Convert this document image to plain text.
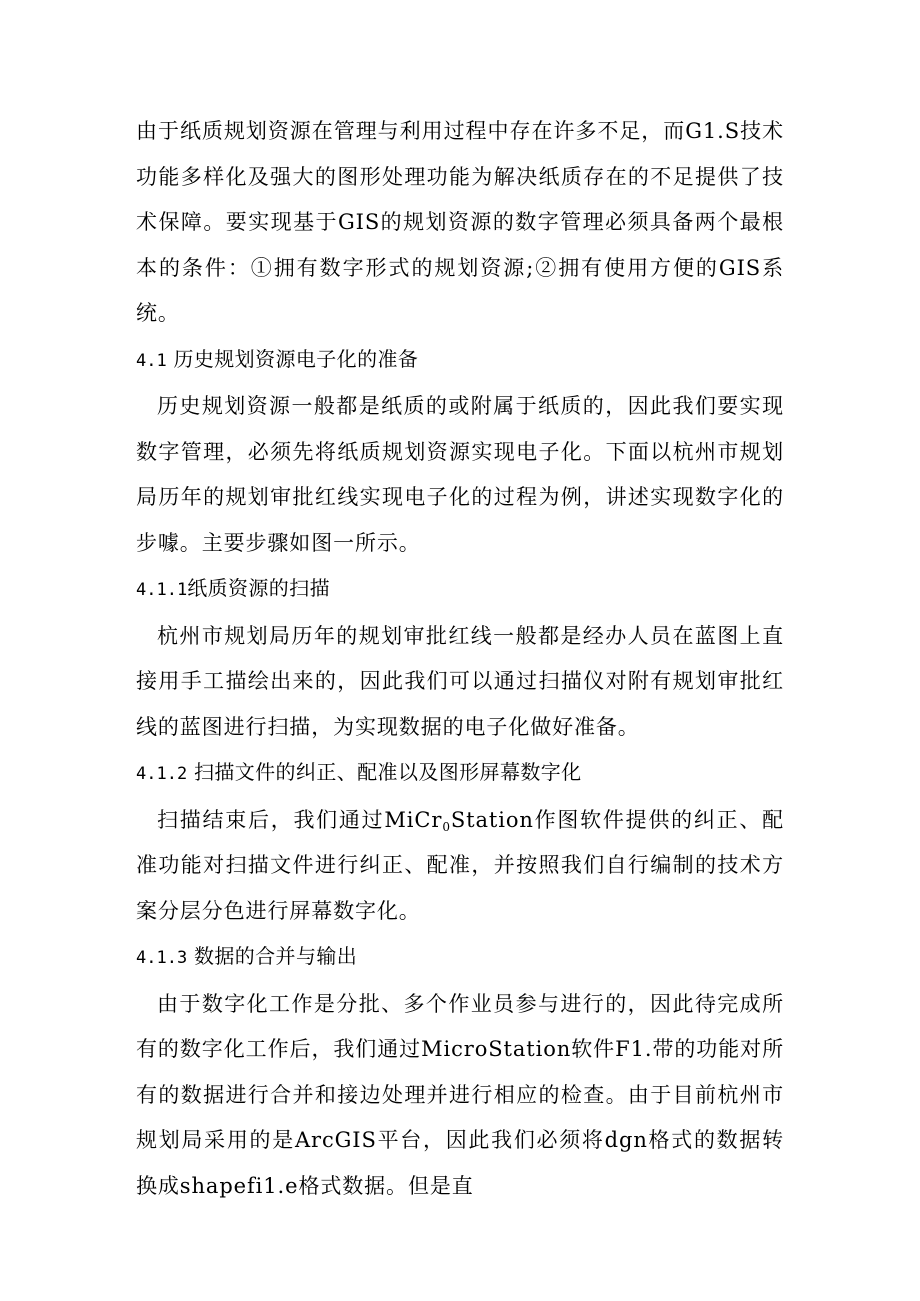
由于纸质规划资源在管理与利用过程中存在许多不足，而G1.S技术功能多样化及强大的图形处理功能为解决纸质存在的不足提供了技术保障。要实现基于GIS的规划资源的数字管理必须具备两个最根本的条件：①拥有数字形式的规划资源;②拥有使用方便的GIS系统。

4.1 历史规划资源电子化的准备

历史规划资源一般都是纸质的或附属于纸质的，因此我们要实现数字管理，必须先将纸质规划资源实现电子化。下面以杭州市规划局历年的规划审批红线实现电子化的过程为例，讲述实现数字化的步噱。主要步骤如图一所示。

4.1.1纸质资源的扫描

杭州市规划局历年的规划审批红线一般都是经办人员在蓝图上直接用手工描绘出来的，因此我们可以通过扫描仪对附有规划审批红线的蓝图进行扫描，为实现数据的电子化做好准备。

4.1.2 扫描文件的纠正、配准以及图形屏幕数字化

扫描结束后，我们通过MiCr$_0$Station作图软件提供的纠正、配准功能对扫描文件进行纠正、配准，并按照我们自行编制的技术方案分层分色进行屏幕数字化。

4.1.3 数据的合并与输出

由于数字化工作是分批、多个作业员参与进行的，因此待完成所有的数字化工作后，我们通过MicroStation软件F1.带的功能对所有的数据进行合并和接边处理并进行相应的检查。由于目前杭州市规划局采用的是ArcGIS平台，因此我们必须将dgn格式的数据转换成shapefi1.e格式数据。但是直
